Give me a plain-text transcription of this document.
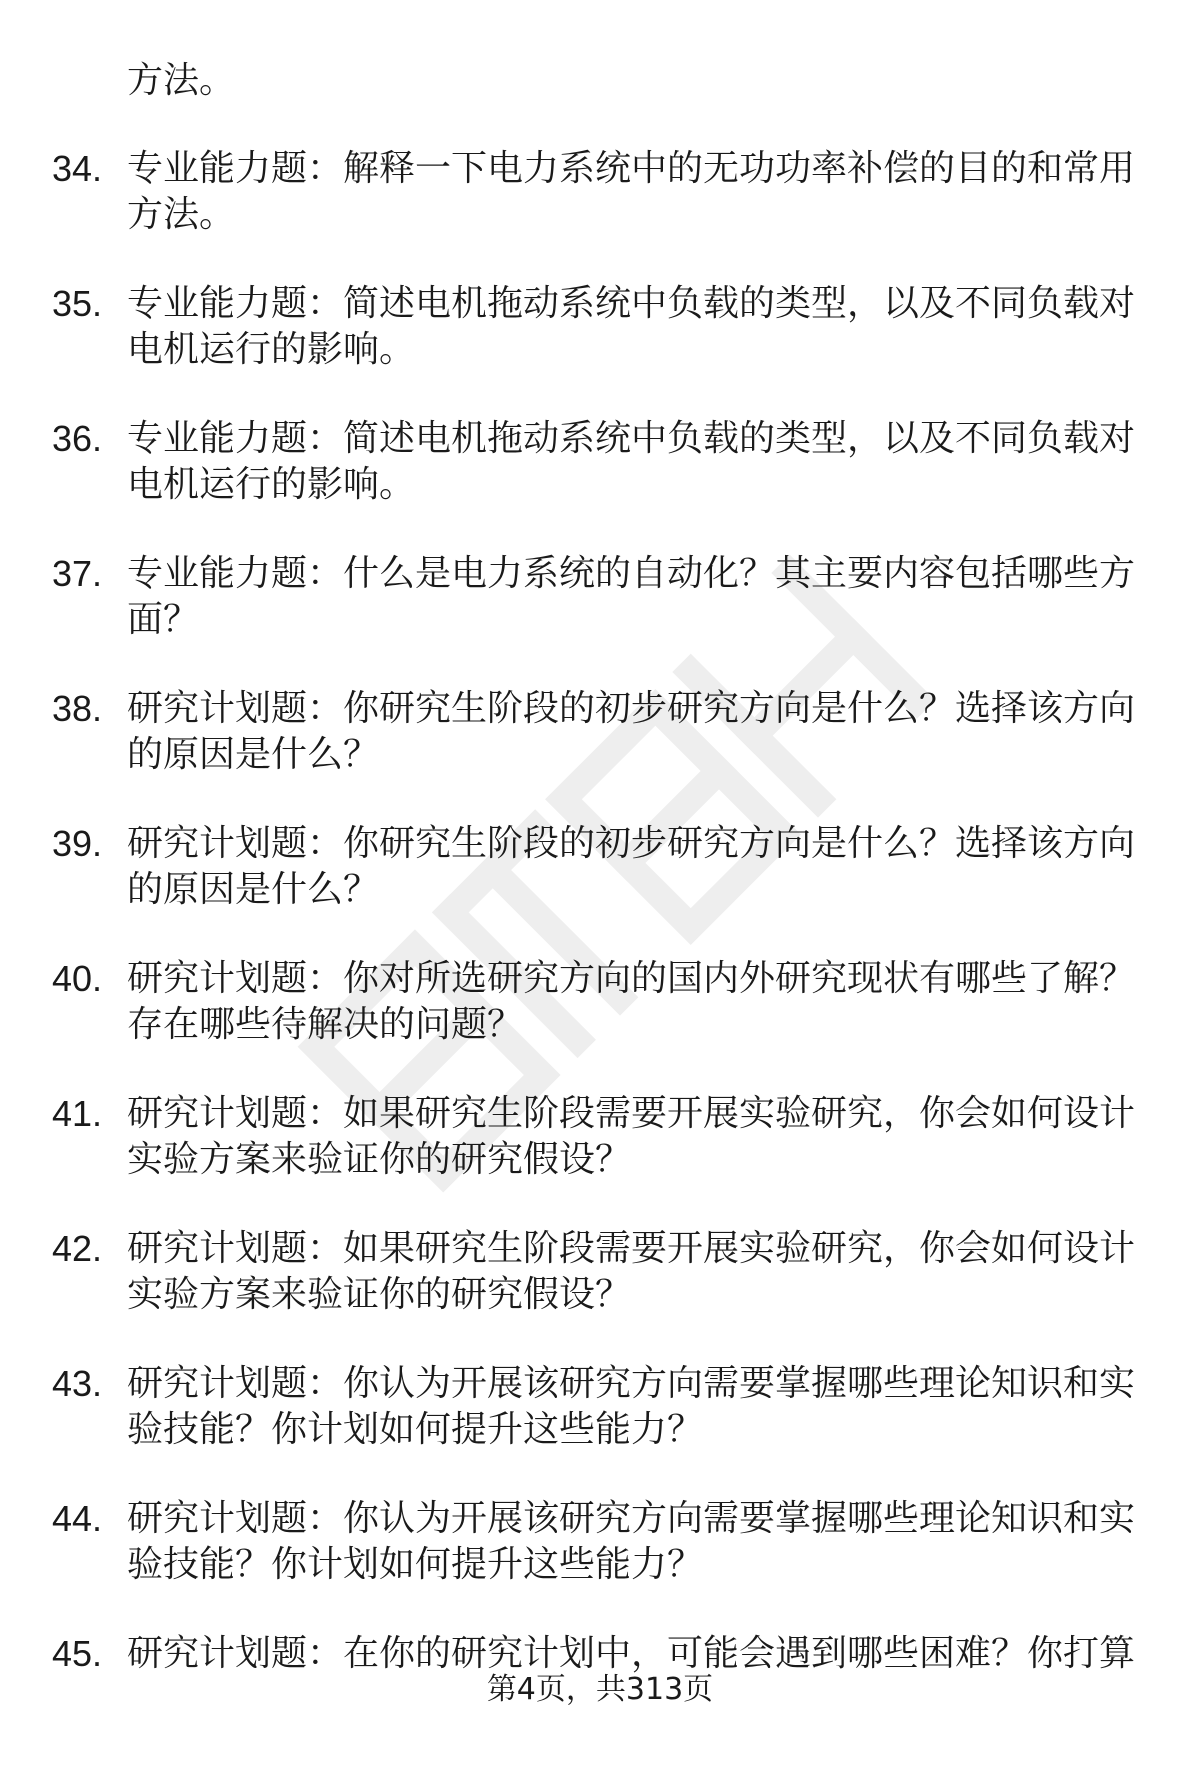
方法。

34. 专业能力题：解释一下电力系统中的无功功率补偿的目的和常用方法。
35. 专业能力题：简述电机拖动系统中负载的类型，以及不同负载对电机运行的影响。
36. 专业能力题：简述电机拖动系统中负载的类型，以及不同负载对电机运行的影响。
37. 专业能力题：什么是电力系统的自动化？其主要内容包括哪些方面？
38. 研究计划题：你研究生阶段的初步研究方向是什么？选择该方向的原因是什么？
39. 研究计划题：你研究生阶段的初步研究方向是什么？选择该方向的原因是什么？
40. 研究计划题：你对所选研究方向的国内外研究现状有哪些了解？存在哪些待解决的问题？
41. 研究计划题：如果研究生阶段需要开展实验研究，你会如何设计实验方案来验证你的研究假设？
42. 研究计划题：如果研究生阶段需要开展实验研究，你会如何设计实验方案来验证你的研究假设？
43. 研究计划题：你认为开展该研究方向需要掌握哪些理论知识和实验技能？你计划如何提升这些能力？
44. 研究计划题：你认为开展该研究方向需要掌握哪些理论知识和实验技能？你计划如何提升这些能力？
45. 研究计划题：在你的研究计划中，可能会遇到哪些困难？你打算
第4页，共313页
